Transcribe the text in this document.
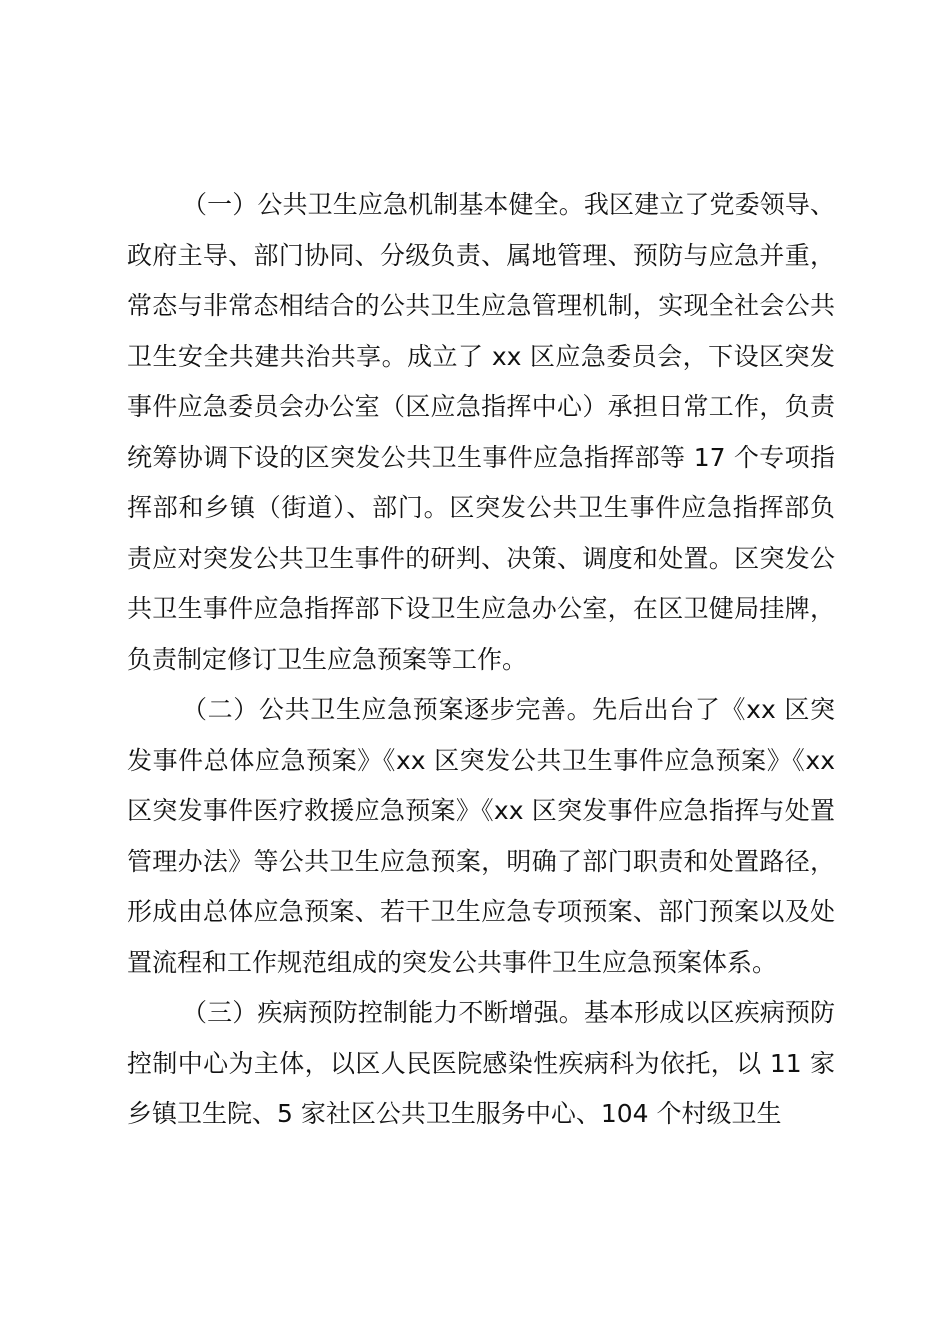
（一）公共卫生应急机制基本健全。我区建立了党委领导、政府主导、部门协同、分级负责、属地管理、预防与应急并重，常态与非常态相结合的公共卫生应急管理机制，实现全社会公共卫生安全共建共治共享。成立了 xx 区应急委员会，下设区突发事件应急委员会办公室（区应急指挥中心）承担日常工作，负责统筹协调下设的区突发公共卫生事件应急指挥部等 17 个专项指挥部和乡镇（街道）、部门。区突发公共卫生事件应急指挥部负责应对突发公共卫生事件的研判、决策、调度和处置。区突发公共卫生事件应急指挥部下设卫生应急办公室，在区卫健局挂牌，负责制定修订卫生应急预案等工作。

（二）公共卫生应急预案逐步完善。先后出台了《xx 区突发事件总体应急预案》《xx 区突发公共卫生事件应急预案》《xx 区突发事件医疗救援应急预案》《xx 区突发事件应急指挥与处置管理办法》等公共卫生应急预案，明确了部门职责和处置路径，形成由总体应急预案、若干卫生应急专项预案、部门预案以及处置流程和工作规范组成的突发公共事件卫生应急预案体系。

（三）疾病预防控制能力不断增强。基本形成以区疾病预防控制中心为主体，以区人民医院感染性疾病科为依托，以 11 家乡镇卫生院、5 家社区公共卫生服务中心、104 个村级卫生
